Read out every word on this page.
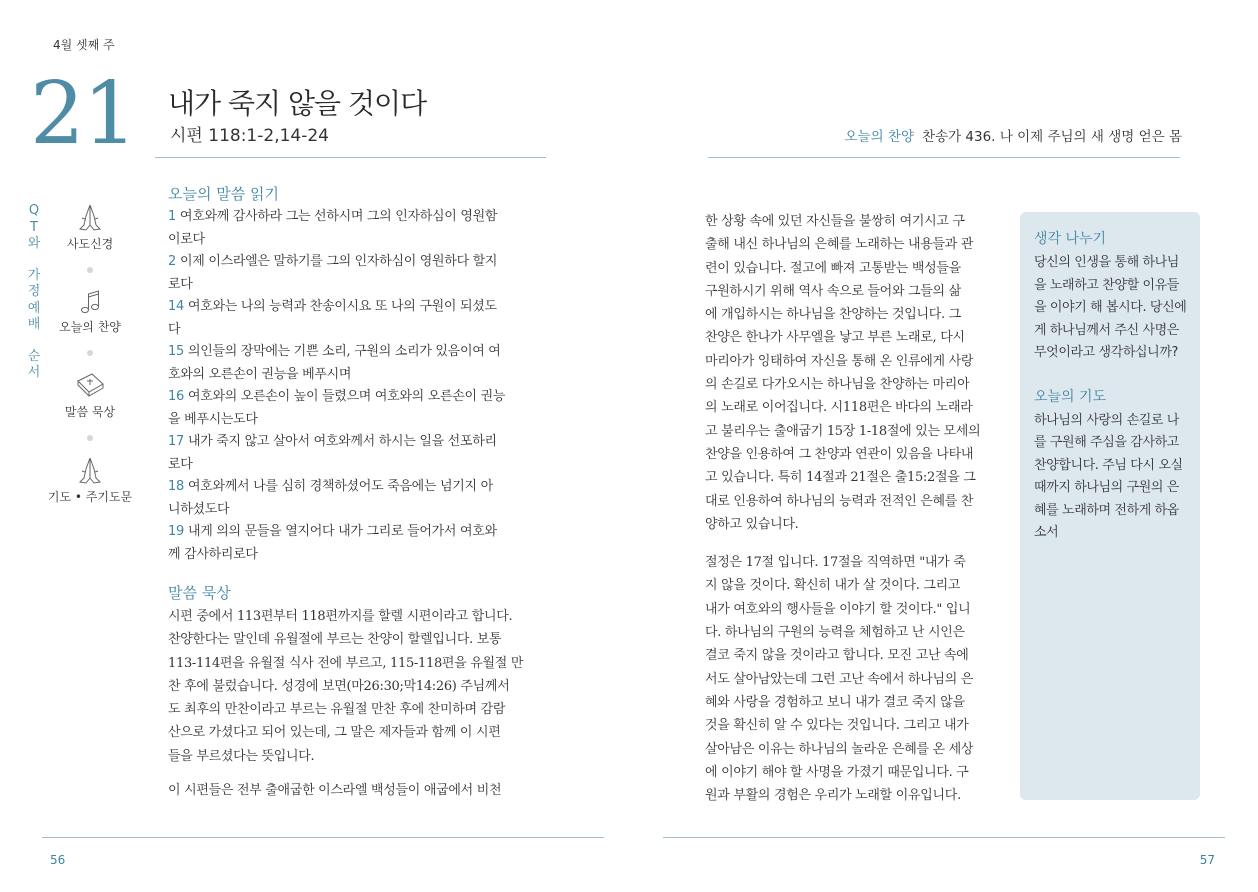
4월 셋째 주
21 내가 죽지 않을 것이다
시편 118:1-2,14-24
Q
T
와
가
정
예
배
순
서
사도신경
오늘의 찬양
말씀 묵상
기도 • 주기도문
오늘의 말씀 읽기
1 여호와께 감사하라 그는 선하시며 그의 인자하심이 영원함
이로다
2 이제 이스라엘은 말하기를 그의 인자하심이 영원하다 할지
로다
14 여호와는 나의 능력과 찬송이시요 또 나의 구원이 되셨도
다
15 의인들의 장막에는 기쁜 소리, 구원의 소리가 있음이여 여
호와의 오른손이 권능을 베푸시며
16 여호와의 오른손이 높이 들렸으며 여호와의 오른손이 권능
을 베푸시는도다
17 내가 죽지 않고 살아서 여호와께서 하시는 일을 선포하리
로다
18 여호와께서 나를 심히 경책하셨어도 죽음에는 넘기지 아
니하셨도다
19 내게 의의 문들을 열지어다 내가 그리로 들어가서 여호와
께 감사하리로다
말씀 묵상
시편 중에서 113편부터 118편까지를 할렐 시편이라고 합니다.
찬양한다는 말인데 유월절에 부르는 찬양이 할렐입니다. 보통
113-114편을 유월절 식사 전에 부르고, 115-118편을 유월절 만
찬 후에 불렀습니다. 성경에 보면(마26:30;막14:26) 주님께서
도 최후의 만찬이라고 부르는 유월절 만찬 후에 찬미하며 감람
산으로 가셨다고 되어 있는데, 그 말은 제자들과 함께 이 시편
들을 부르셨다는 뜻입니다.
이 시편들은 전부 출애굽한 이스라엘 백성들이 애굽에서 비천
56
오늘의 찬양 찬송가 436. 나 이제 주님의 새 생명 얻은 몸
한 상황 속에 있던 자신들을 불쌍히 여기시고 구
출해 내신 하나님의 은혜를 노래하는 내용들과 관
련이 있습니다. 절고에 빠져 고통받는 백성들을
구원하시기 위해 역사 속으로 들어와 그들의 삶
에 개입하시는 하나님을 찬양하는 것입니다. 그
찬양은 한나가 사무엘을 낳고 부른 노래로, 다시
마리아가 잉태하여 자신을 통해 온 인류에게 사랑
의 손길로 다가오시는 하나님을 찬양하는 마리아
의 노래로 이어집니다. 시118편은 바다의 노래라
고 불리우는 출애굽기 15장 1-18절에 있는 모세의
찬양을 인용하여 그 찬양과 연관이 있음을 나타내
고 있습니다. 특히 14절과 21절은 출15:2절을 그
대로 인용하여 하나님의 능력과 전적인 은혜를 찬
양하고 있습니다.
절정은 17절 입니다. 17절을 직역하면 "내가 죽
지 않을 것이다. 확신히 내가 살 것이다. 그리고
내가 여호와의 행사들을 이야기 할 것이다." 입니
다. 하나님의 구원의 능력을 체험하고 난 시인은
결코 죽지 않을 것이라고 합니다. 모진 고난 속에
서도 살아남았는데 그런 고난 속에서 하나님의 은
혜와 사랑을 경험하고 보니 내가 결코 죽지 않을
것을 확신히 알 수 있다는 것입니다. 그리고 내가
살아남은 이유는 하나님의 놀라운 은혜를 온 세상
에 이야기 해야 할 사명을 가졌기 때문입니다. 구
원과 부활의 경험은 우리가 노래할 이유입니다.
생각 나누기
당신의 인생을 통해 하나님
을 노래하고 찬양할 이유들
을 이야기 해 봅시다. 당신에
게 하나님께서 주신 사명은
무엇이라고 생각하십니까?
오늘의 기도
하나님의 사랑의 손길로 나
를 구원해 주심을 감사하고
찬양합니다. 주님 다시 오실
때까지 하나님의 구원의 은
혜를 노래하며 전하게 하옵
소서
57
